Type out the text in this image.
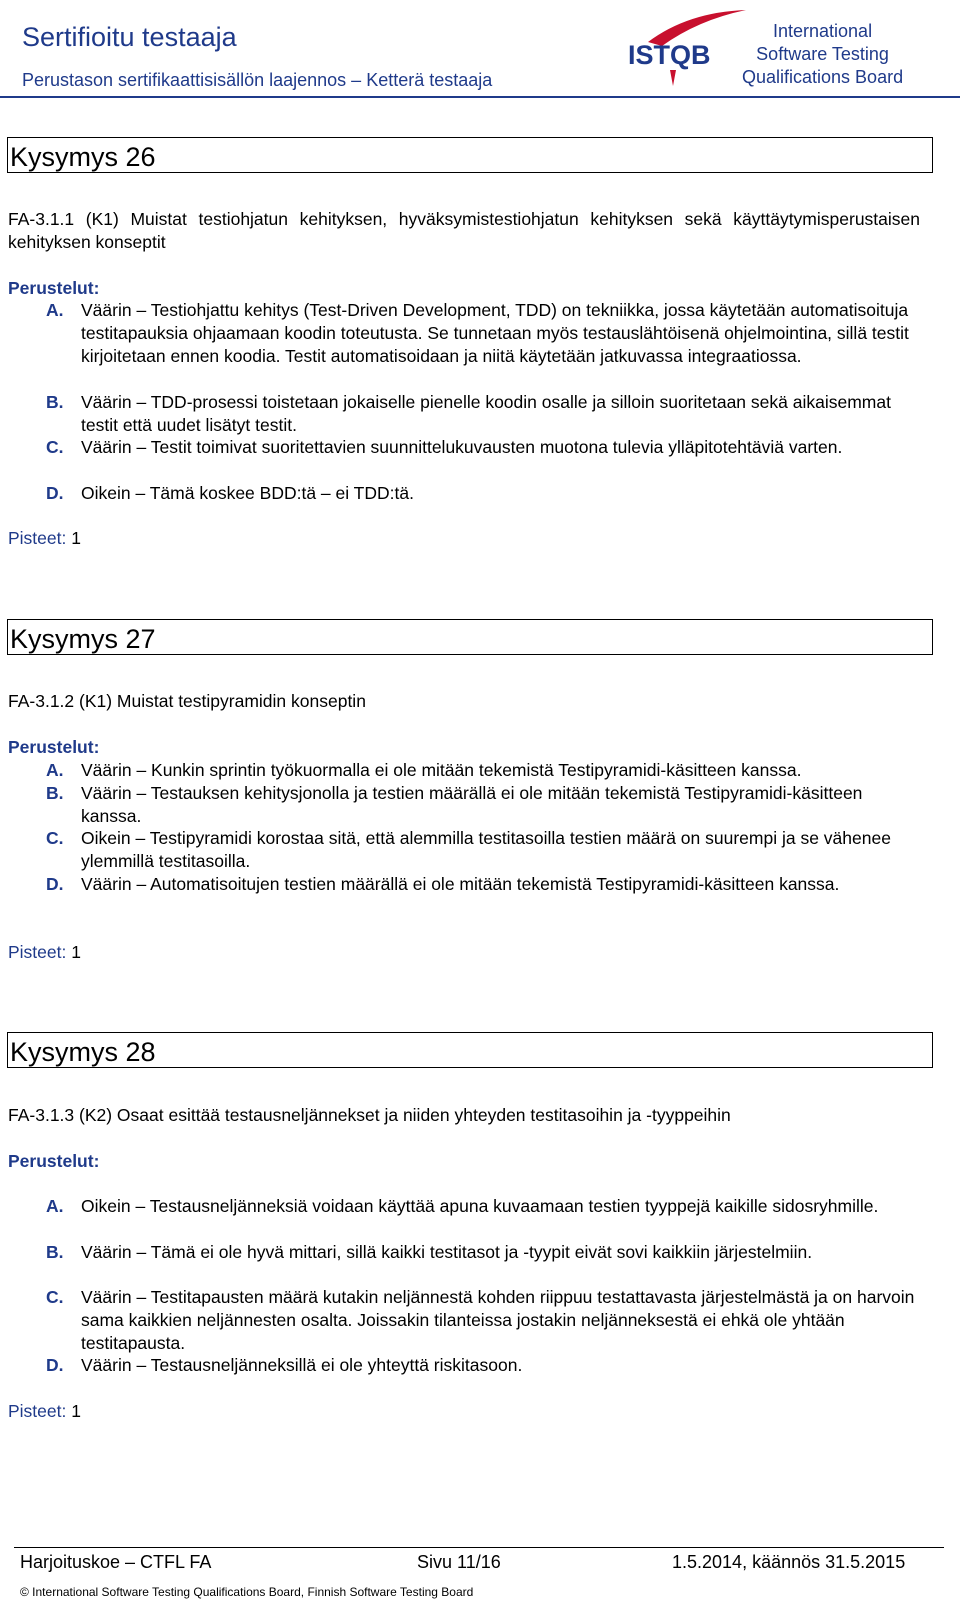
Sertifioitu testaaja
Perustason sertifikaattisisällön laajennos – Ketterä testaaja
ISTQB
International
Software Testing
Qualifications Board
Kysymys 26
FA-3.1.1 (K1) Muistat testiohjatun kehityksen, hyväksymistestiohjatun kehityksen sekä käyttäytymisperustaisen kehityksen konseptit
Perustelut:
A. Väärin – Testiohjattu kehitys (Test-Driven Development, TDD) on tekniikka, jossa käytetään automatisoituja testitapauksia ohjaamaan koodin toteutusta. Se tunnetaan myös testauslähtöisenä ohjelmointina, sillä testit kirjoitetaan ennen koodia. Testit automatisoidaan ja niitä käytetään jatkuvassa integraatiossa.
B. Väärin – TDD-prosessi toistetaan jokaiselle pienelle koodin osalle ja silloin suoritetaan sekä aikaisemmat testit että uudet lisätyt testit.
C. Väärin – Testit toimivat suoritettavien suunnittelukuvausten muotona tulevia ylläpitotehtäviä varten.
D. Oikein – Tämä koskee BDD:tä – ei TDD:tä.
Pisteet: 1
Kysymys 27
FA-3.1.2 (K1) Muistat testipyramidin konseptin
Perustelut:
A. Väärin – Kunkin sprintin työkuormalla ei ole mitään tekemistä Testipyramidi-käsitteen kanssa.
B. Väärin – Testauksen kehitysjonolla ja testien määrällä ei ole mitään tekemistä Testipyramidi-käsitteen kanssa.
C. Oikein – Testipyramidi korostaa sitä, että alemmilla testitasoilla testien määrä on suurempi ja se vähenee ylemmillä testitasoilla.
D. Väärin – Automatisoitujen testien määrällä ei ole mitään tekemistä Testipyramidi-käsitteen kanssa.
Pisteet: 1
Kysymys 28
FA-3.1.3 (K2) Osaat esittää testausneljännekset ja niiden yhteyden testitasoihin ja -tyyppeihin
Perustelut:
A. Oikein – Testausneljänneksiä voidaan käyttää apuna kuvaamaan testien tyyppejä kaikille sidosryhmille.
B. Väärin – Tämä ei ole hyvä mittari, sillä kaikki testitasot ja -tyypit eivät sovi kaikkiin järjestelmiin.
C. Väärin – Testitapausten määrä kutakin neljännestä kohden riippuu testattavasta järjestelmästä ja on harvoin sama kaikkien neljännesten osalta. Joissakin tilanteissa jostakin neljänneksestä ei ehkä ole yhtään testitapausta.
D. Väärin – Testausneljänneksillä ei ole yhteyttä riskitasoon.
Pisteet: 1
Harjoituskoe – CTFL FA	Sivu 11/16	1.5.2014, käännös 31.5.2015
© International Software Testing Qualifications Board, Finnish Software Testing Board
